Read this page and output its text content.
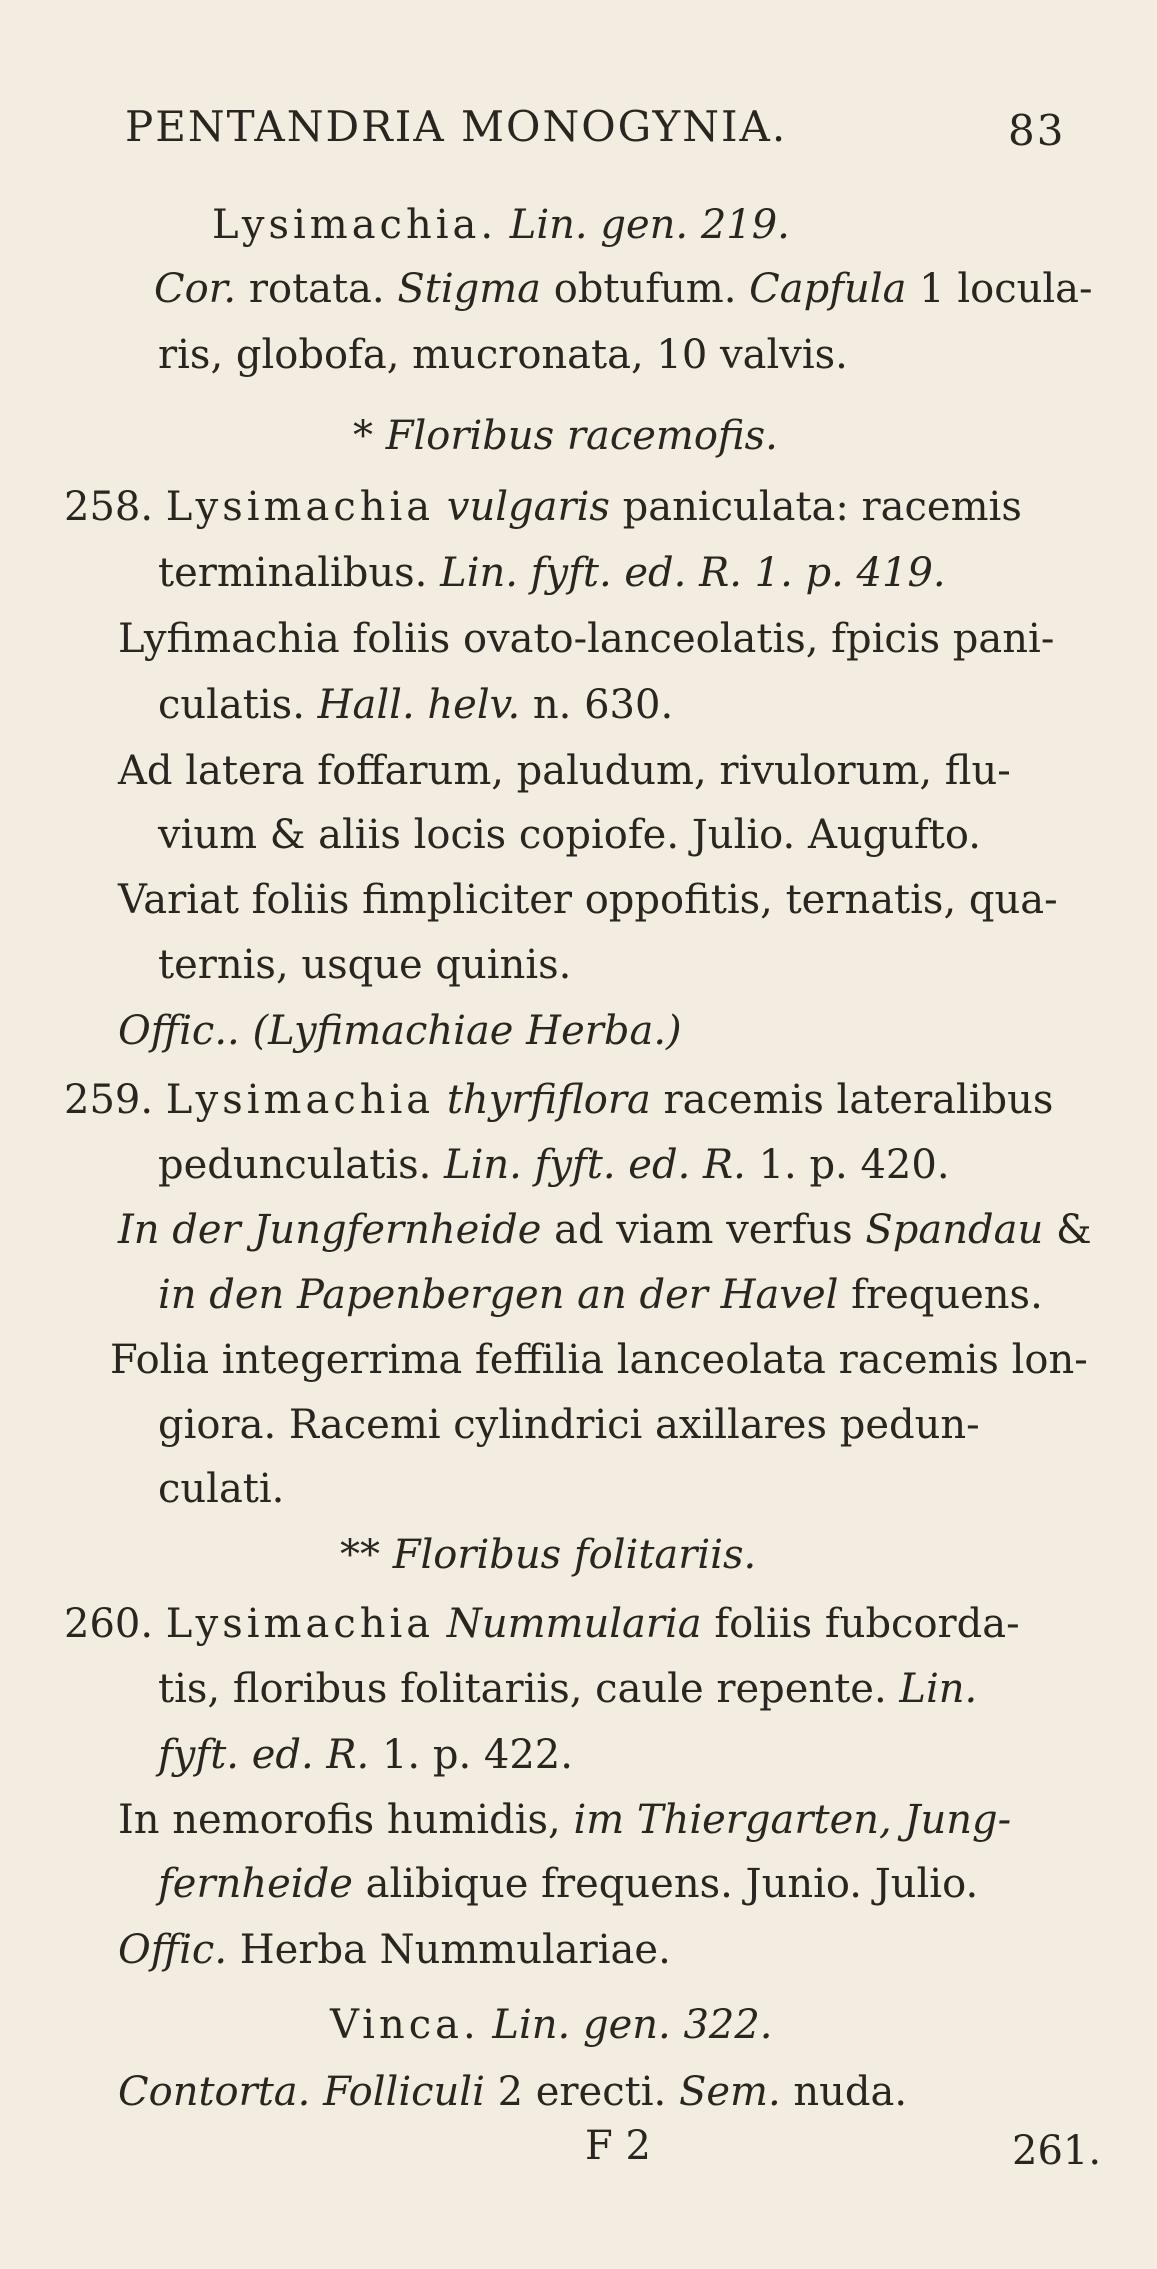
PENTANDRIA MONOGYNIA.	83
Lysimachia. Lin. gen. 219.
Cor. rotata. Stigma obtufum. Capfula 1 locula-
ris, globofa, mucronata, 10 valvis.
* Floribus racemofis.
258. Lysimachia vulgaris paniculata: racemis
terminalibus. Lin. fyft. ed. R. 1. p. 419.
Lyfimachia foliis ovato-lanceolatis, fpicis pani-
culatis. Hall. helv. n. 630.
Ad latera foffarum, paludum, rivulorum, flu-
vium & aliis locis copiofe. Julio. Augufto.
Variat foliis fimpliciter oppofitis, ternatis, qua-
ternis, usque quinis.
Offic.. (Lyfimachiae Herba.)
259. Lysimachia thyrfiflora racemis lateralibus
pedunculatis. Lin. fyft. ed. R. 1. p. 420.
In der Jungfernheide ad viam verfus Spandau &
in den Papenbergen an der Havel frequens.
Folia integerrima feffilia lanceolata racemis lon-
giora. Racemi cylindrici axillares pedun-
culati.
** Floribus folitariis.
260. Lysimachia Nummularia foliis fubcorda-
tis, floribus folitariis, caule repente. Lin.
fyft. ed. R. 1. p. 422.
In nemorofis humidis, im Thiergarten, Jung-
fernheide alibique frequens. Junio. Julio.
Offic. Herba Nummulariae.
Vinca. Lin. gen. 322.
Contorta. Folliculi 2 erecti. Sem. nuda.
F 2	261.
